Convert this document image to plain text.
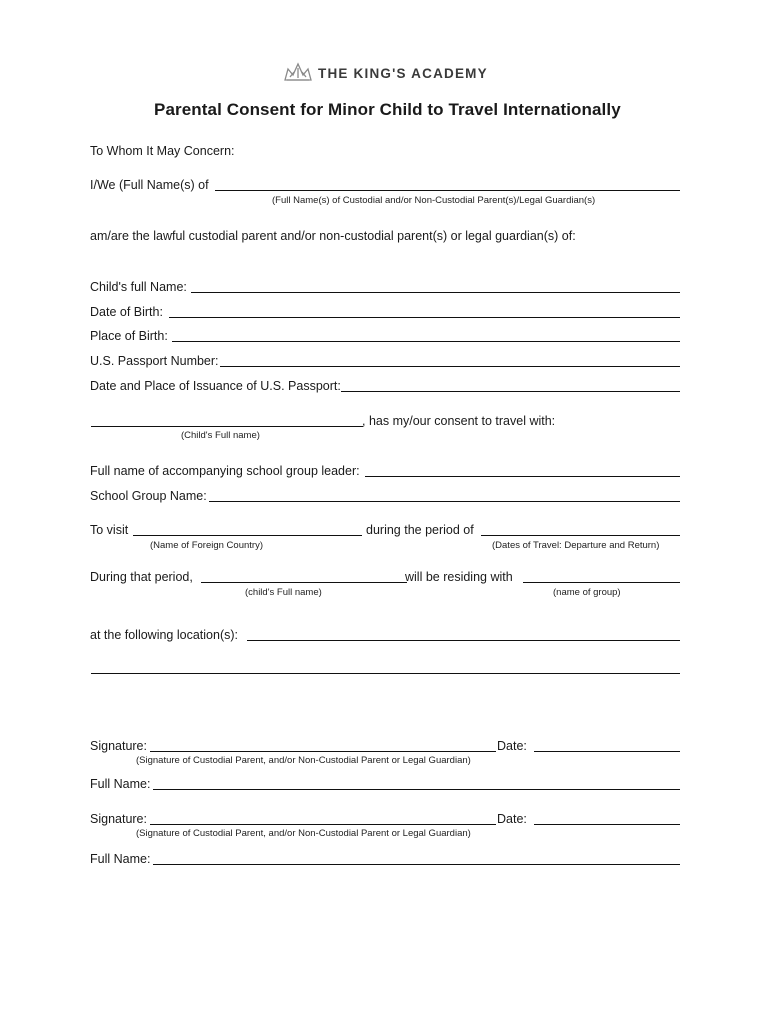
THE KING'S ACADEMY
Parental Consent for Minor Child to Travel Internationally
To Whom It May Concern:
I/We (Full Name(s) of
(Full Name(s) of Custodial and/or Non-Custodial Parent(s)/Legal Guardian(s)
am/are the lawful custodial parent and/or non-custodial parent(s) or legal guardian(s) of:
Child's full Name:
Date of Birth:
Place of Birth:
U.S. Passport Number:
Date and Place of Issuance of U.S. Passport:
, has my/our consent to travel with:
(Child's Full name)
Full name of accompanying school group leader:
School Group Name:
To visit	during the period of
(Name of Foreign Country)	(Dates of Travel: Departure and Return)
During that period,	will be residing with
(child's Full name)	(name of group)
at the following location(s):
Signature:	Date:
(Signature of Custodial Parent, and/or Non-Custodial Parent or Legal Guardian)
Full Name:
Signature:	Date:
(Signature of Custodial Parent, and/or Non-Custodial Parent or Legal Guardian)
Full Name:
